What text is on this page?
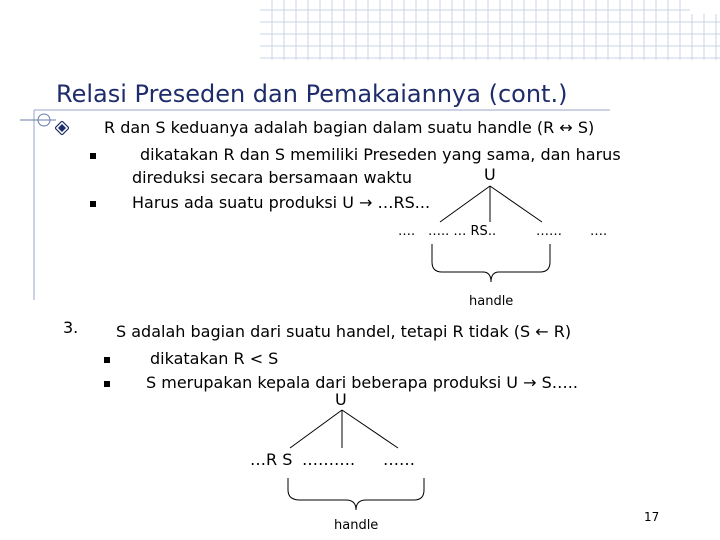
Relasi Preseden dan Pemakaiannya (cont.)
R dan S keduanya adalah bagian dalam suatu handle (R ↔ S)
dikatakan R dan S memiliki Preseden yang sama, dan harus
direduksi secara bersamaan waktu	U
Harus ada suatu produksi U → …RS...
…. ….. … RS..	…… ….
handle
3. S adalah bagian dari suatu handel, tetapi R tidak (S ← R)
dikatakan R < S
S merupakan kepala dari beberapa produksi U → S…..
U
…R S ………. ……
handle
17
